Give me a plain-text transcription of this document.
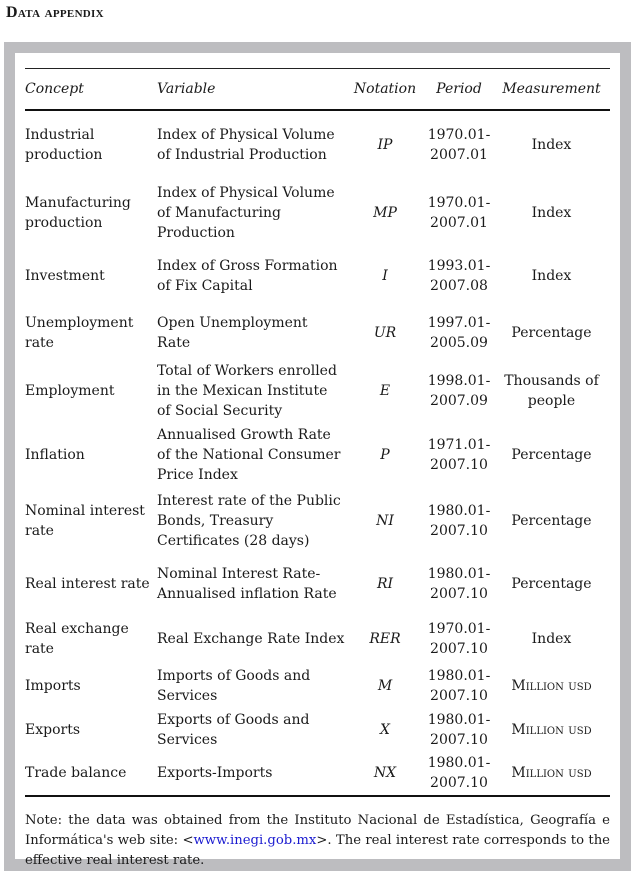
Data appendix
Concept	Variable	Notation	Period	Measurement
Industrial production	Index of Physical Volume of Industrial Production	IP	1970.01-2007.01	Index
Manufacturing production	Index of Physical Volume of Manufacturing Production	MP	1970.01-2007.01	Index
Investment	Index of Gross Formation of Fix Capital	I	1993.01-2007.08	Index
Unemployment rate	Open Unemployment Rate	UR	1997.01-2005.09	Percentage
Employment	Total of Workers enrolled in the Mexican Institute of Social Security	E	1998.01-2007.09	Thousands of people
Inflation	Annualised Growth Rate of the National Consumer Price Index	P	1971.01-2007.10	Percentage
Nominal interest rate	Interest rate of the Public Bonds, Treasury Certificates (28 days)	NI	1980.01-2007.10	Percentage
Real interest rate	Nominal Interest Rate-Annualised inflation Rate	RI	1980.01-2007.10	Percentage
Real exchange rate	Real Exchange Rate Index	RER	1970.01-2007.10	Index
Imports	Imports of Goods and Services	M	1980.01-2007.10	Million usd
Exports	Exports of Goods and Services	X	1980.01-2007.10	Million usd
Trade balance	Exports-Imports	NX	1980.01-2007.10	Million usd
Note: the data was obtained from the Instituto Nacional de Estadística, Geografía e Informática's web site: <www.inegi.gob.mx>. The real interest rate corresponds to the effective real interest rate.
